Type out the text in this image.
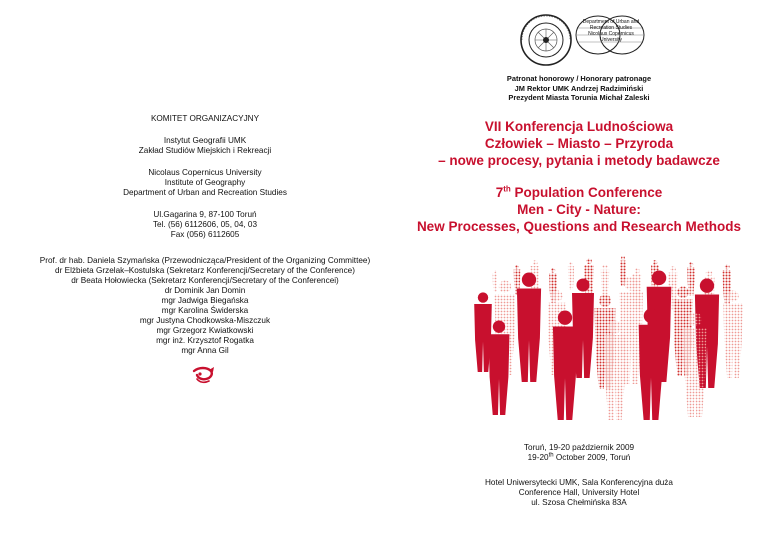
KOMITET ORGANIZACYJNY
Instytut Geografii UMK
Zakład Studiów Miejskich i Rekreacji
Nicolaus Copernicus University
Institute of Geography
Department of Urban and Recreation Studies
Ul.Gagarina 9, 87-100 Toruń
Tel. (56) 6112606, 05, 04, 03
Fax (056) 6112605
Prof. dr hab. Daniela Szymańska (Przewodnicząca/President of the Organizing Committee)
dr Elżbieta Grzelak–Kostulska (Sekretarz Konferencji/Secretary of the Conference)
dr Beata Hołowiecka (Sekretarz Konferencji/Secretary of the Conferencei)
dr Dominik Jan Domin
mgr Jadwiga Biegańska
mgr Karolina Świderska
mgr Justyna Chodkowska-Miszczuk
mgr Grzegorz Kwiatkowski
mgr inż. Krzysztof Rogatka
mgr Anna Gil
Department of Urban and
Recreation Studies
Nicolaus Copernicus University
Patronat honorowy / Honorary patronage
JM Rektor UMK Andrzej Radzimiński
Prezydent Miasta Torunia Michał Zaleski
VII Konferencja Ludnościowa
Człowiek – Miasto – Przyroda
– nowe procesy, pytania i metody badawcze
7th Population Conference
Men - City - Nature:
New Processes, Questions and Research Methods
Toruń, 19-20 październik 2009
19-20th October 2009, Toruń
Hotel Uniwersytecki UMK, Sala Konferencyjna duża
Conference Hall, University Hotel
ul. Szosa Chełmińska 83A
